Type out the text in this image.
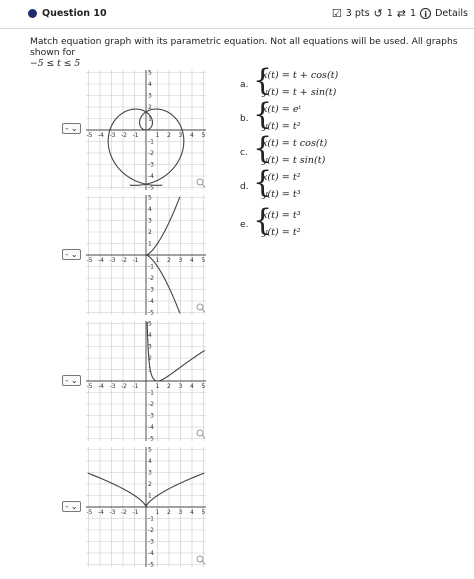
Question 10	☑ 3 pts ↺ 1 ⇄ 1	i Details
Match equation graph with its parametric equation. Not all equations will be used. All graphs shown for
−5 ≤ t ≤ 5
-5 -4 -3 -2 -1	1 2 3 4 5
5
4
3
2
1
-1
-2
-3
-4
-5
- ⌄
-5 -4 -3 -2 -1	1 2 3 4 5
5
4
3
2
1
-1
-2
-3
-4
-5
- ⌄
-5 -4 -3 -2 -1	1 2 3 4 5
5
4
3
2
1
-1
-2
-3
-4
-5
- ⌄
-5 -4 -3 -2 -1	1 2 3 4 5
5
4
3
2
1
-1
-2
-3
-4
-5
- ⌄
a. {
x(t) = t + cos(t)
y(t) = t + sin(t)
b. {
x(t) = eᵗ
y(t) = t²
c. {
x(t) = t cos(t)
y(t) = t sin(t)
d. {
x(t) = t²
y(t) = t³
e. {
x(t) = t³
y(t) = t²
